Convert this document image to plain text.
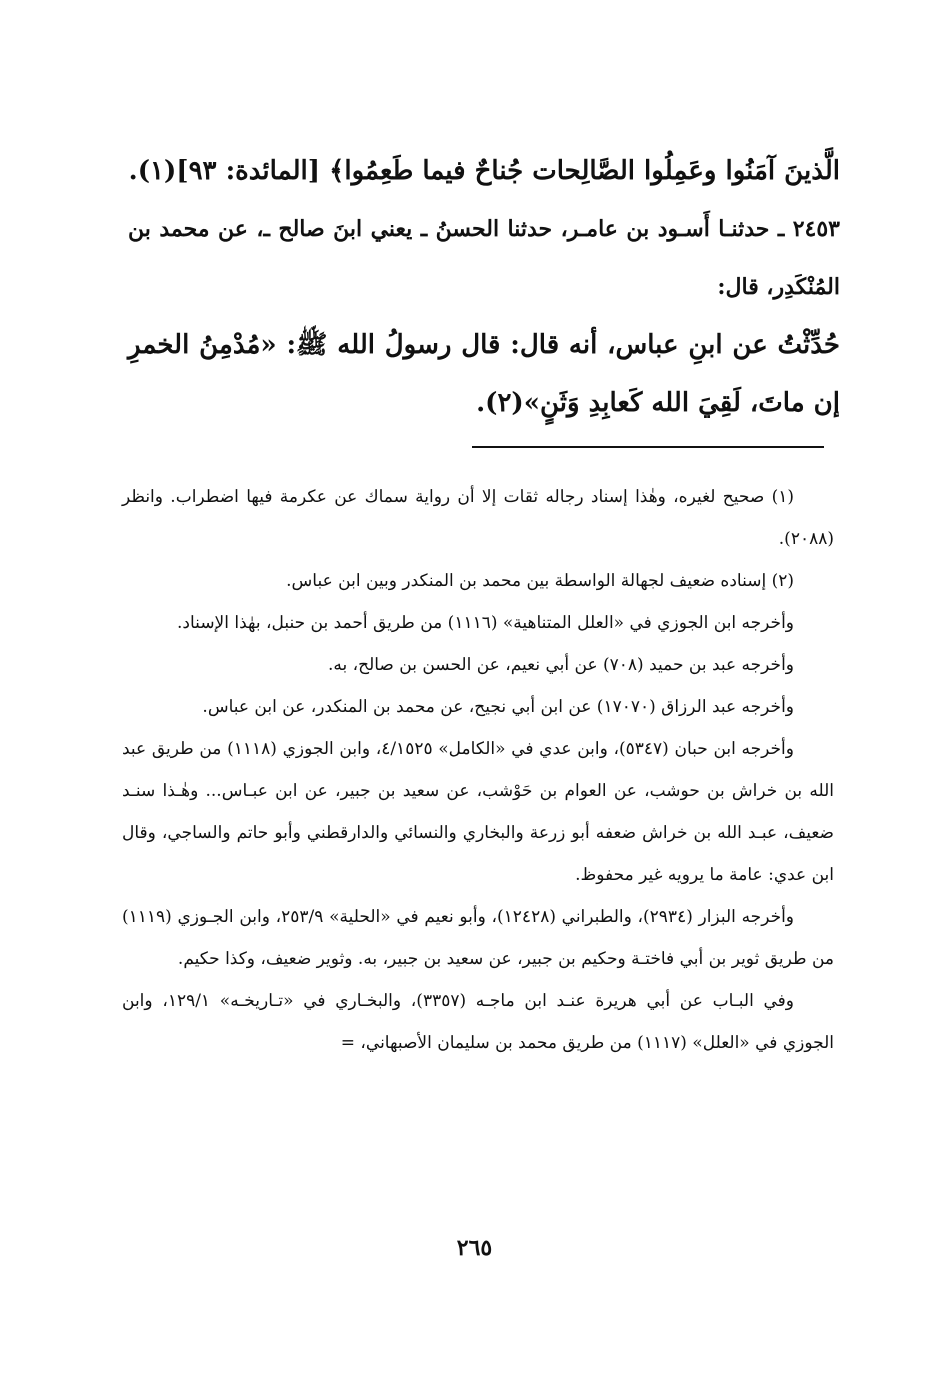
الَّذينَ آمَنُوا وعَمِلُوا الصَّالِحات جُناحٌ فيما طَعِمُوا﴾ [المائدة: ٩٣](١).

٢٤٥٣ ـ حدثنـا أَسـود بن عامـر، حدثنا الحسنُ ـ يعني ابنَ صالح ـ، عن محمد بن المُنْكَدِر، قال:

حُدِّثْتُ عن ابنِ عباس، أنه قال: قال رسولُ الله ﷺ: «مُدْمِنُ الخمرِ إن ماتَ، لَقِيَ الله كَعابِدِ وَثَنٍ»(٢).

(١) صحيح لغيره، وهٰذا إسناد رجاله ثقات إلا أن رواية سماك عن عكرمة فيها اضطراب. وانظر (٢٠٨٨).

(٢) إسناده ضعيف لجهالة الواسطة بين محمد بن المنكدر وبين ابن عباس.

وأخرجه ابن الجوزي في «العلل المتناهية» (١١١٦) من طريق أحمد بن حنبل، بهٰذا الإسناد.

وأخرجه عبد بن حميد (٧٠٨) عن أبي نعيم، عن الحسن بن صالح، به.

وأخرجه عبد الرزاق (١٧٠٧٠) عن ابن أبي نجيح، عن محمد بن المنكدر، عن ابن عباس.

وأخرجه ابن حبان (٥٣٤٧)، وابن عدي في «الكامل» ٤/١٥٢٥، وابن الجوزي (١١١٨) من طريق عبد الله بن خراش بن حوشب، عن العوام بن حَوْشب، عن سعيد بن جبير، عن ابن عبـاس... وهٰـذا سنـد ضعيف، عبـد الله بن خراش ضعفه أبو زرعة والبخاري والنسائي والدارقطني وأبو حاتم والساجي، وقال ابن عدي: عامة ما يرويه غير محفوظ.

وأخرجه البزار (٢٩٣٤)، والطبراني (١٢٤٢٨)، وأبو نعيم في «الحلية» ٢٥٣/٩، وابن الجـوزي (١١١٩) من طريق ثوير بن أبي فاختـة وحكيم بن جبير، عن سعيد بن جبير، به. وثوير ضعيف، وكذا حكيم.

وفي البـاب عن أبي هريرة عنـد ابن ماجـه (٣٣٥٧)، والبخـاري في «تـاريخـه» ١٢٩/١، وابن الجوزي في «العلل» (١١١٧) من طريق محمد بن سليمان الأصبهاني، =

٢٦٥
